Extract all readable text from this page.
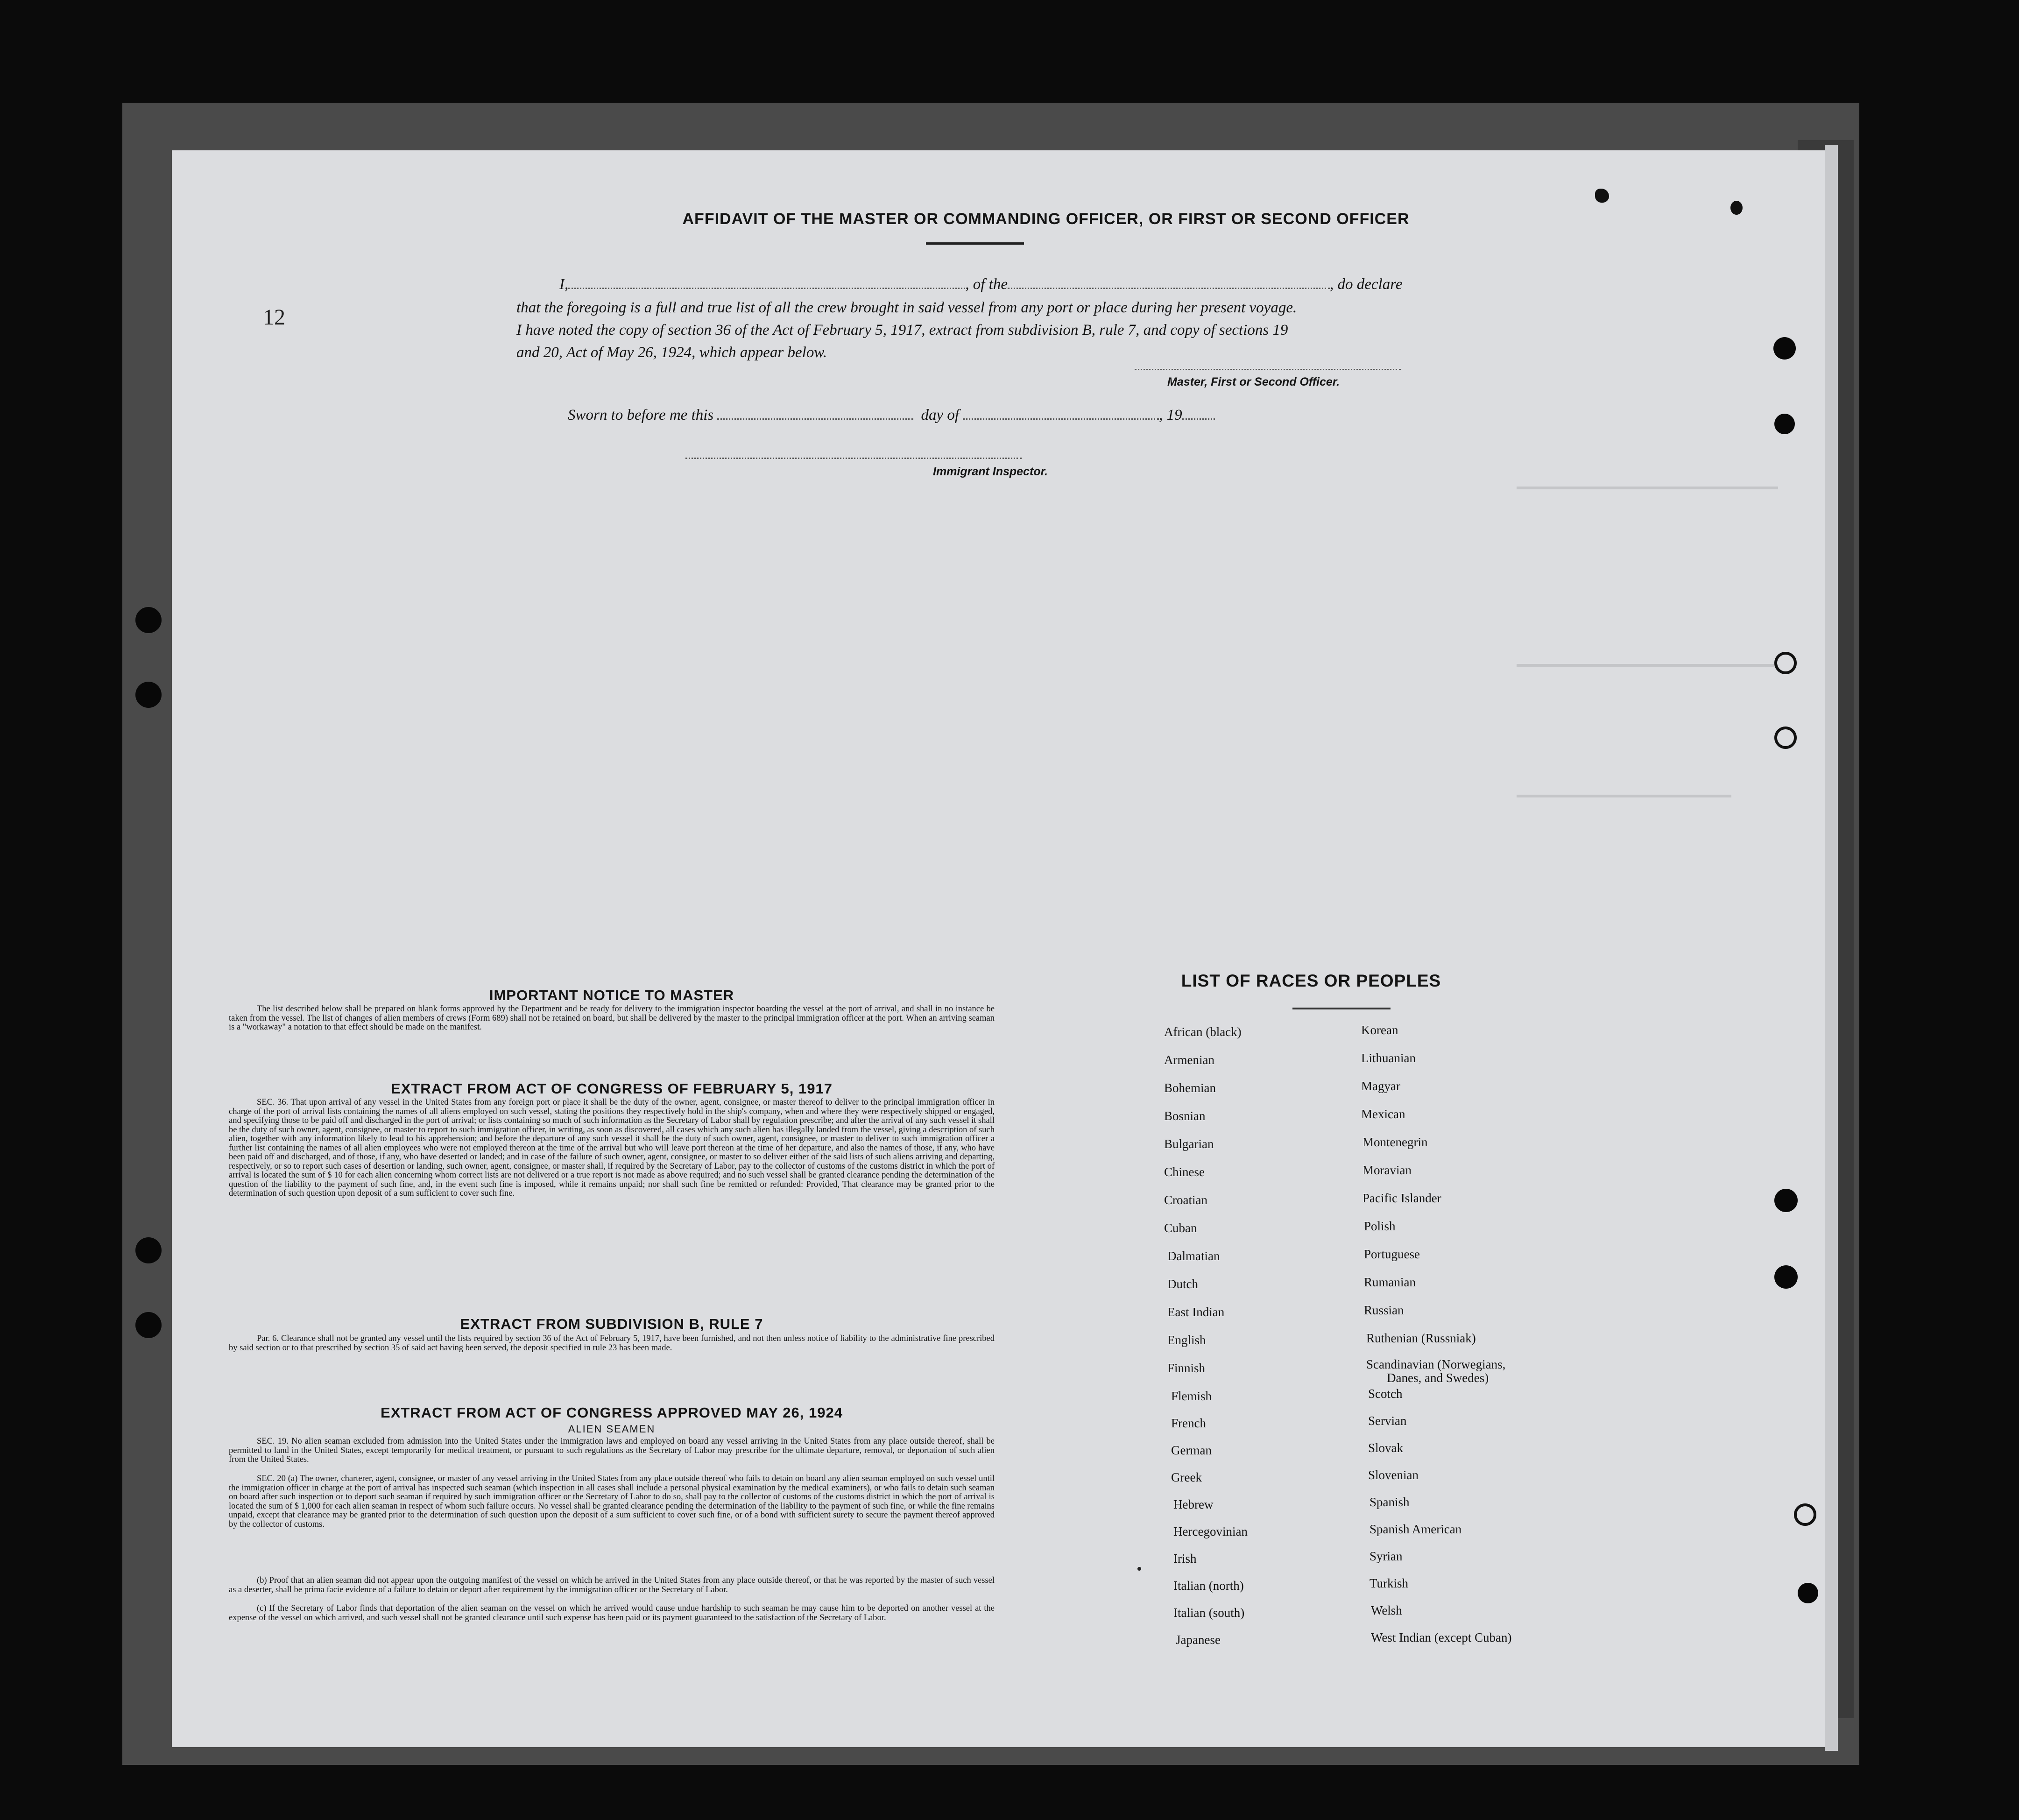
AFFIDAVIT OF THE MASTER OR COMMANDING OFFICER, OR FIRST OR SECOND OFFICER
12
I,	, of the	, do declare
that the foregoing is a full and true list of all the crew brought in said vessel from any port or place during her present voyage.
I have noted the copy of section 36 of the Act of February 5, 1917, extract from subdivision B, rule 7, and copy of sections 19
and 20, Act of May 26, 1924, which appear below.
Master, First or Second Officer.
Sworn to before me this	day of	, 19
Immigrant Inspector.
IMPORTANT NOTICE TO MASTER
The list described below shall be prepared on blank forms approved by the Department and be ready for delivery to the immigration inspector boarding the vessel at the port of arrival, and shall in no instance be taken from the vessel. The list of changes of alien members of crews (Form 689) shall not be retained on board, but shall be delivered by the master to the principal immigration officer at the port. When an arriving seaman is a "workaway" a notation to that effect should be made on the manifest.
EXTRACT FROM ACT OF CONGRESS OF FEBRUARY 5, 1917
SEC. 36. That upon arrival of any vessel in the United States from any foreign port or place it shall be the duty of the owner, agent, consignee, or master thereof to deliver to the principal immigration officer in charge of the port of arrival lists containing the names of all aliens employed on such vessel, stating the positions they respectively hold in the ship's company, when and where they were respectively shipped or engaged, and specifying those to be paid off and discharged in the port of arrival; or lists containing so much of such information as the Secretary of Labor shall by regulation prescribe; and after the arrival of any such vessel it shall be the duty of such owner, agent, consignee, or master to report to such immigration officer, in writing, as soon as discovered, all cases which any such alien has illegally landed from the vessel, giving a description of such alien, together with any information likely to lead to his apprehension; and before the departure of any such vessel it shall be the duty of such owner, agent, consignee, or master to deliver to such immigration officer a further list containing the names of all alien employees who were not employed thereon at the time of the arrival but who will leave port thereon at the time of her departure, and also the names of those, if any, who have been paid off and discharged, and of those, if any, who have deserted or landed; and in case of the failure of such owner, agent, consignee, or master to so deliver either of the said lists of such aliens arriving and departing, respectively, or so to report such cases of desertion or landing, such owner, agent, consignee, or master shall, if required by the Secretary of Labor, pay to the collector of customs of the customs district in which the port of arrival is located the sum of $ 10 for each alien concerning whom correct lists are not delivered or a true report is not made as above required; and no such vessel shall be granted clearance pending the determination of the question of the liability to the payment of such fine, and, in the event such fine is imposed, while it remains unpaid; nor shall such fine be remitted or refunded: Provided, That clearance may be granted prior to the determination of such question upon deposit of a sum sufficient to cover such fine.
EXTRACT FROM SUBDIVISION B, RULE 7
Par. 6. Clearance shall not be granted any vessel until the lists required by section 36 of the Act of February 5, 1917, have been furnished, and not then unless notice of liability to the administrative fine prescribed by said section or to that prescribed by section 35 of said act having been served, the deposit specified in rule 23 has been made.
EXTRACT FROM ACT OF CONGRESS APPROVED MAY 26, 1924
ALIEN SEAMEN
SEC. 19. No alien seaman excluded from admission into the United States under the immigration laws and employed on board any vessel arriving in the United States from any place outside thereof, shall be permitted to land in the United States, except temporarily for medical treatment, or pursuant to such regulations as the Secretary of Labor may prescribe for the ultimate departure, removal, or deportation of such alien from the United States.
SEC. 20 (a) The owner, charterer, agent, consignee, or master of any vessel arriving in the United States from any place outside thereof who fails to detain on board any alien seaman employed on such vessel until the immigration officer in charge at the port of arrival has inspected such seaman (which inspection in all cases shall include a personal physical examination by the medical examiners), or who fails to detain such seaman on board after such inspection or to deport such seaman if required by such immigration officer or the Secretary of Labor to do so, shall pay to the collector of customs of the customs district in which the port of arrival is located the sum of $ 1,000 for each alien seaman in respect of whom such failure occurs. No vessel shall be granted clearance pending the determination of the liability to the payment of such fine, or while the fine remains unpaid, except that clearance may be granted prior to the determination of such question upon the deposit of a sum sufficient to cover such fine, or of a bond with sufficient surety to secure the payment thereof approved by the collector of customs.
(b) Proof that an alien seaman did not appear upon the outgoing manifest of the vessel on which he arrived in the United States from any place outside thereof, or that he was reported by the master of such vessel as a deserter, shall be prima facie evidence of a failure to detain or deport after requirement by the immigration officer or the Secretary of Labor.
(c) If the Secretary of Labor finds that deportation of the alien seaman on the vessel on which he arrived would cause undue hardship to such seaman he may cause him to be deported on another vessel at the expense of the vessel on which arrived, and such vessel shall not be granted clearance until such expense has been paid or its payment guaranteed to the satisfaction of the Secretary of Labor.
LIST OF RACES OR PEOPLES
African (black)
Armenian
Bohemian
Bosnian
Bulgarian
Chinese
Croatian
Cuban
Dalmatian
Dutch
East Indian
English
Finnish
Flemish
French
German
Greek
Hebrew
Hercegovinian
Irish
Italian (north)
Italian (south)
Japanese
Korean
Lithuanian
Magyar
Mexican
Montenegrin
Moravian
Pacific Islander
Polish
Portuguese
Rumanian
Russian
Ruthenian (Russniak)
Scandinavian (Norwegians,
Danes, and Swedes)
Scotch
Servian
Slovak
Slovenian
Spanish
Spanish American
Syrian
Turkish
Welsh
West Indian (except Cuban)
